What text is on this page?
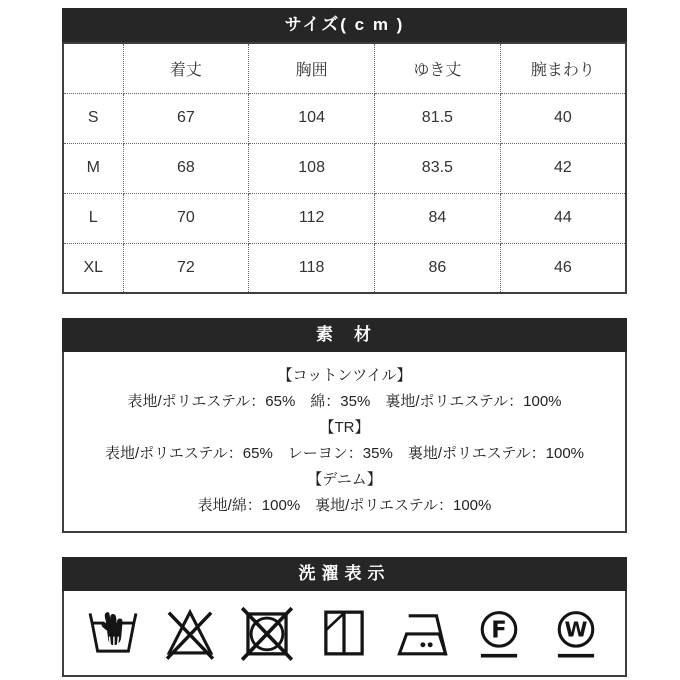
サイズ( c m )
	着丈	胸囲	ゆき丈	腕まわり
S	67	104	81.5	40
M	68	108	83.5	42
L	70	112	84	44
XL	72	118	86	46
素　材
【コットンツイル】
表地/ポリエステル：65%　綿：35%　裏地/ポリエステル：100%
【TR】
表地/ポリエステル：65%　レーヨン：35%　裏地/ポリエステル：100%
【デニム】
表地/綿：100%　裏地/ポリエステル：100%
洗濯表示
F	W
